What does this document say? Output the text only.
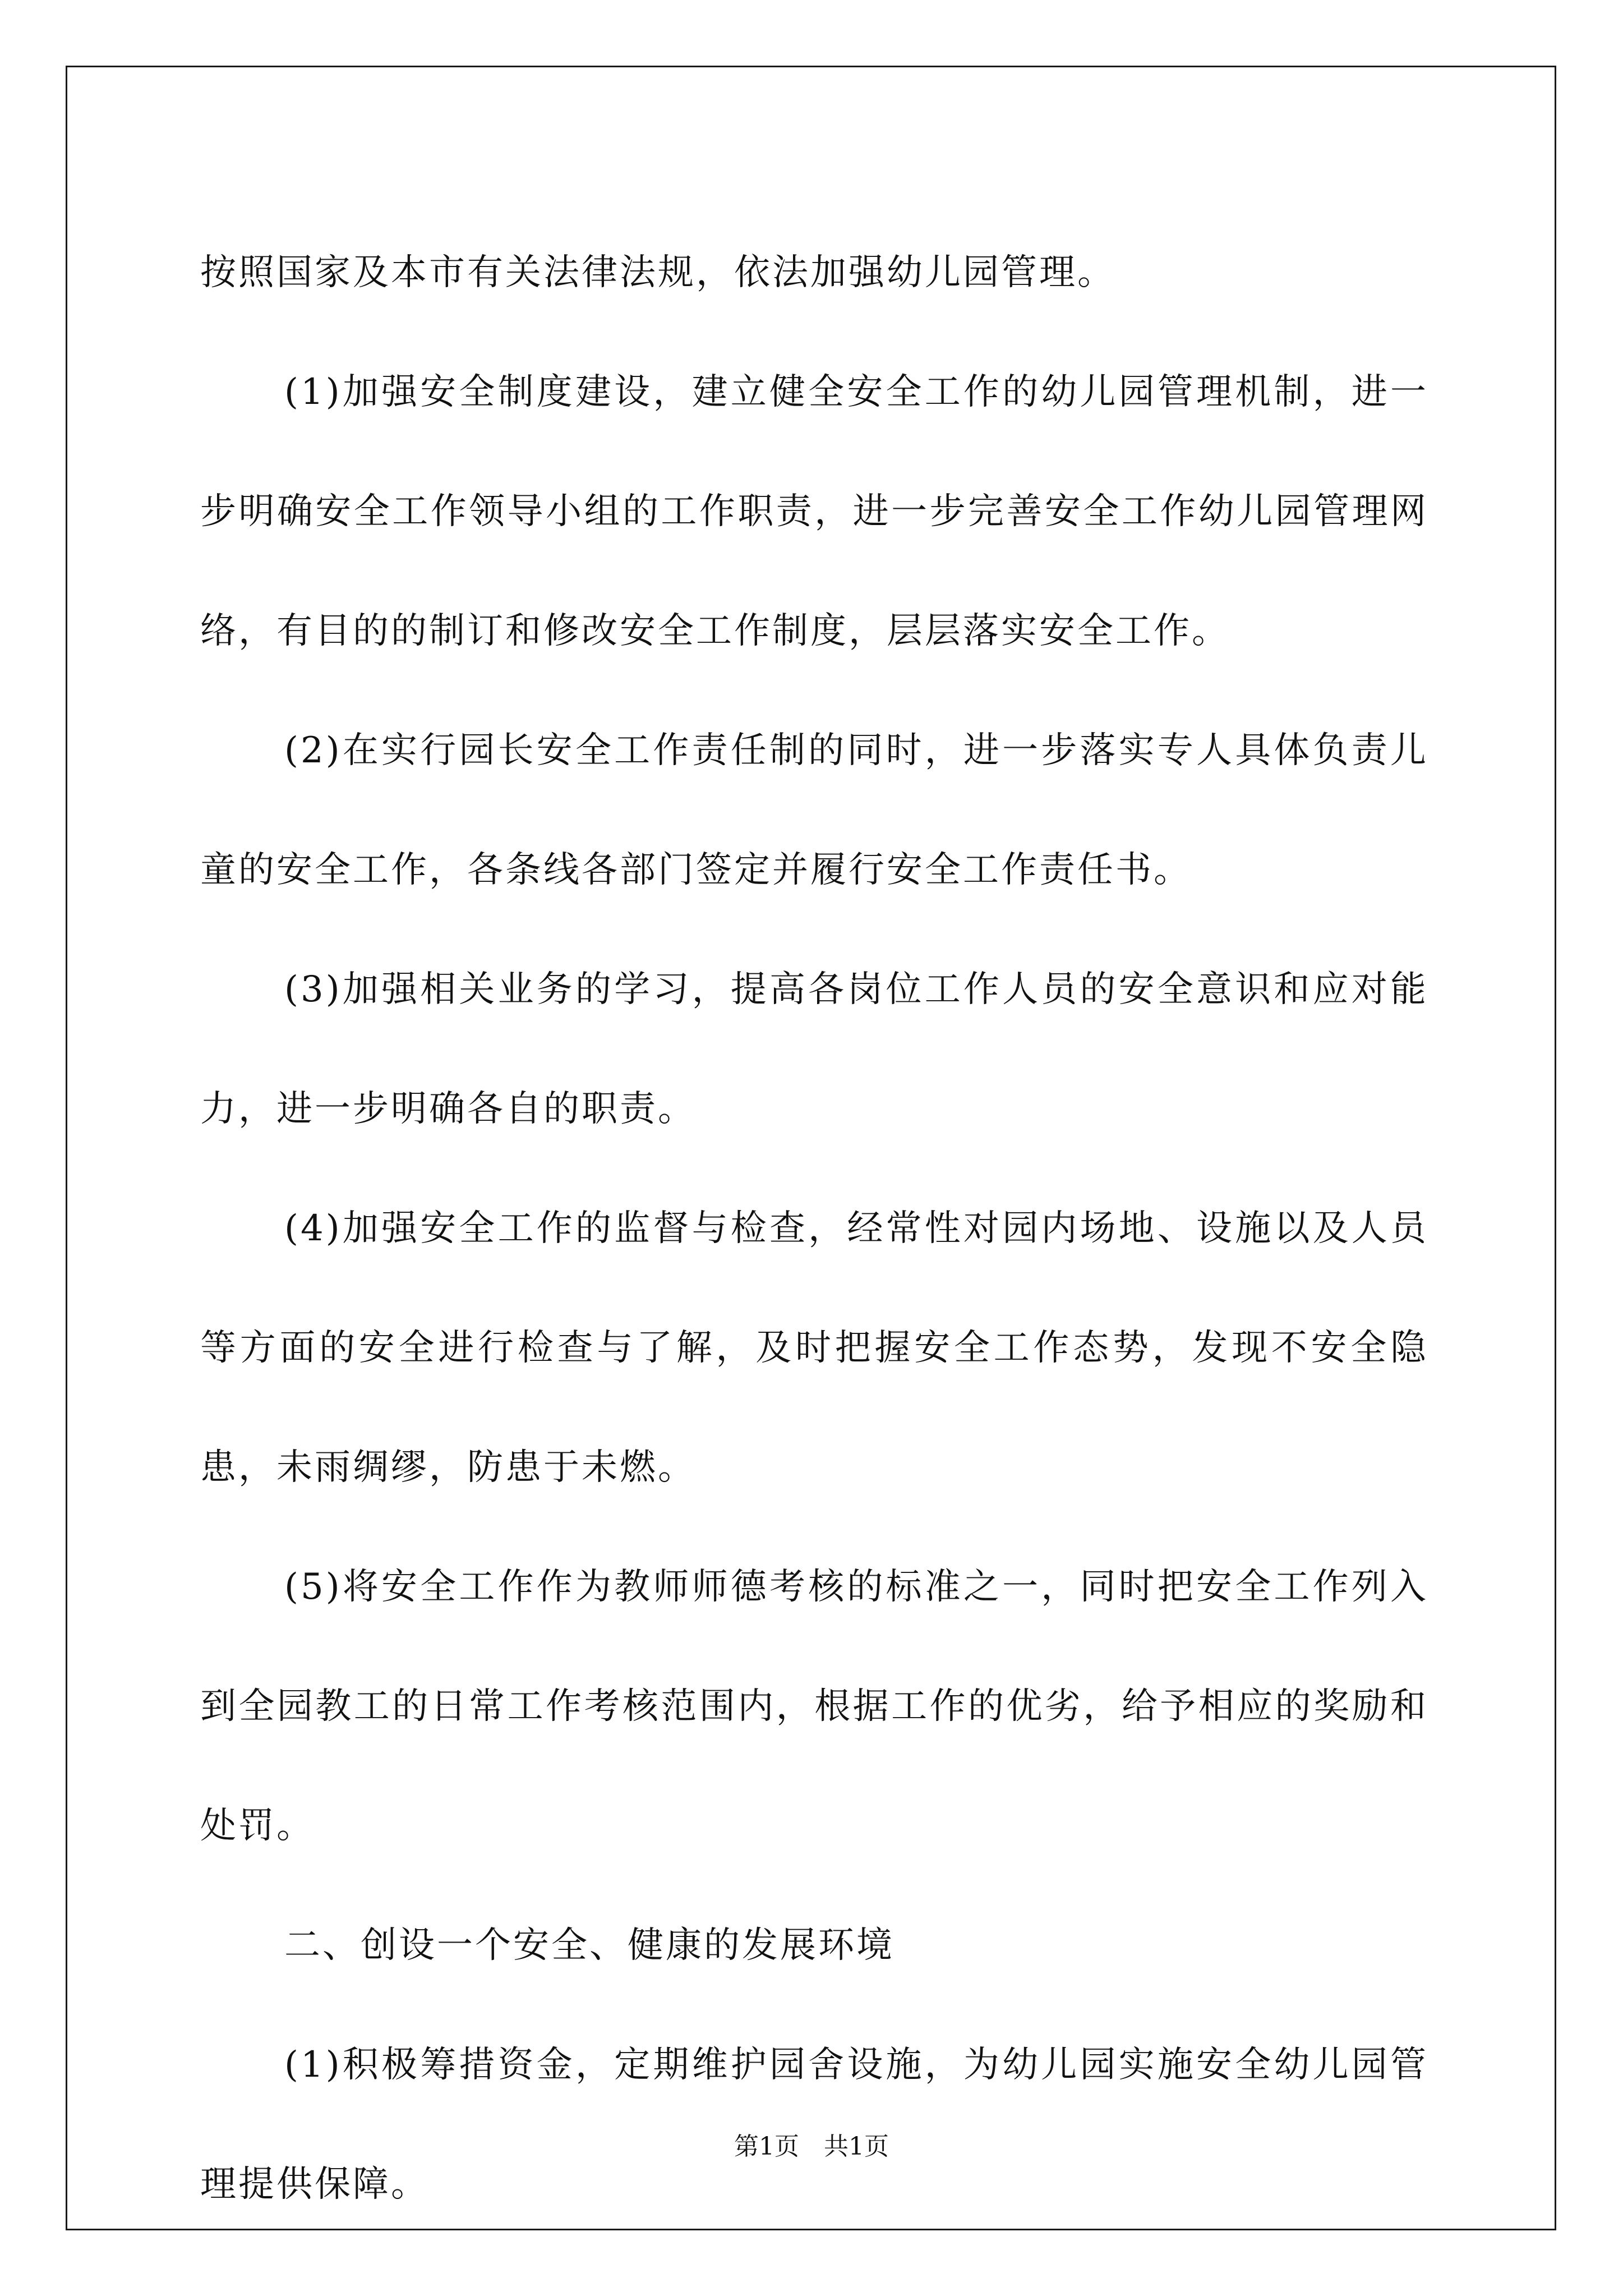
按照国家及本市有关法律法规，依法加强幼儿园管理。

(1)加强安全制度建设，建立健全安全工作的幼儿园管理机制，进一步明确安全工作领导小组的工作职责，进一步完善安全工作幼儿园管理网络，有目的的制订和修改安全工作制度，层层落实安全工作。

(2)在实行园长安全工作责任制的同时，进一步落实专人具体负责儿童的安全工作，各条线各部门签定并履行安全工作责任书。

(3)加强相关业务的学习，提高各岗位工作人员的安全意识和应对能力，进一步明确各自的职责。

(4)加强安全工作的监督与检查，经常性对园内场地、设施以及人员等方面的安全进行检查与了解，及时把握安全工作态势，发现不安全隐患，未雨绸缪，防患于未燃。

(5)将安全工作作为教师师德考核的标准之一，同时把安全工作列入到全园教工的日常工作考核范围内，根据工作的优劣，给予相应的奖励和处罚。

二、创设一个安全、健康的发展环境

(1)积极筹措资金，定期维护园舍设施，为幼儿园实施安全幼儿园管理提供保障。

第1页 共1页
